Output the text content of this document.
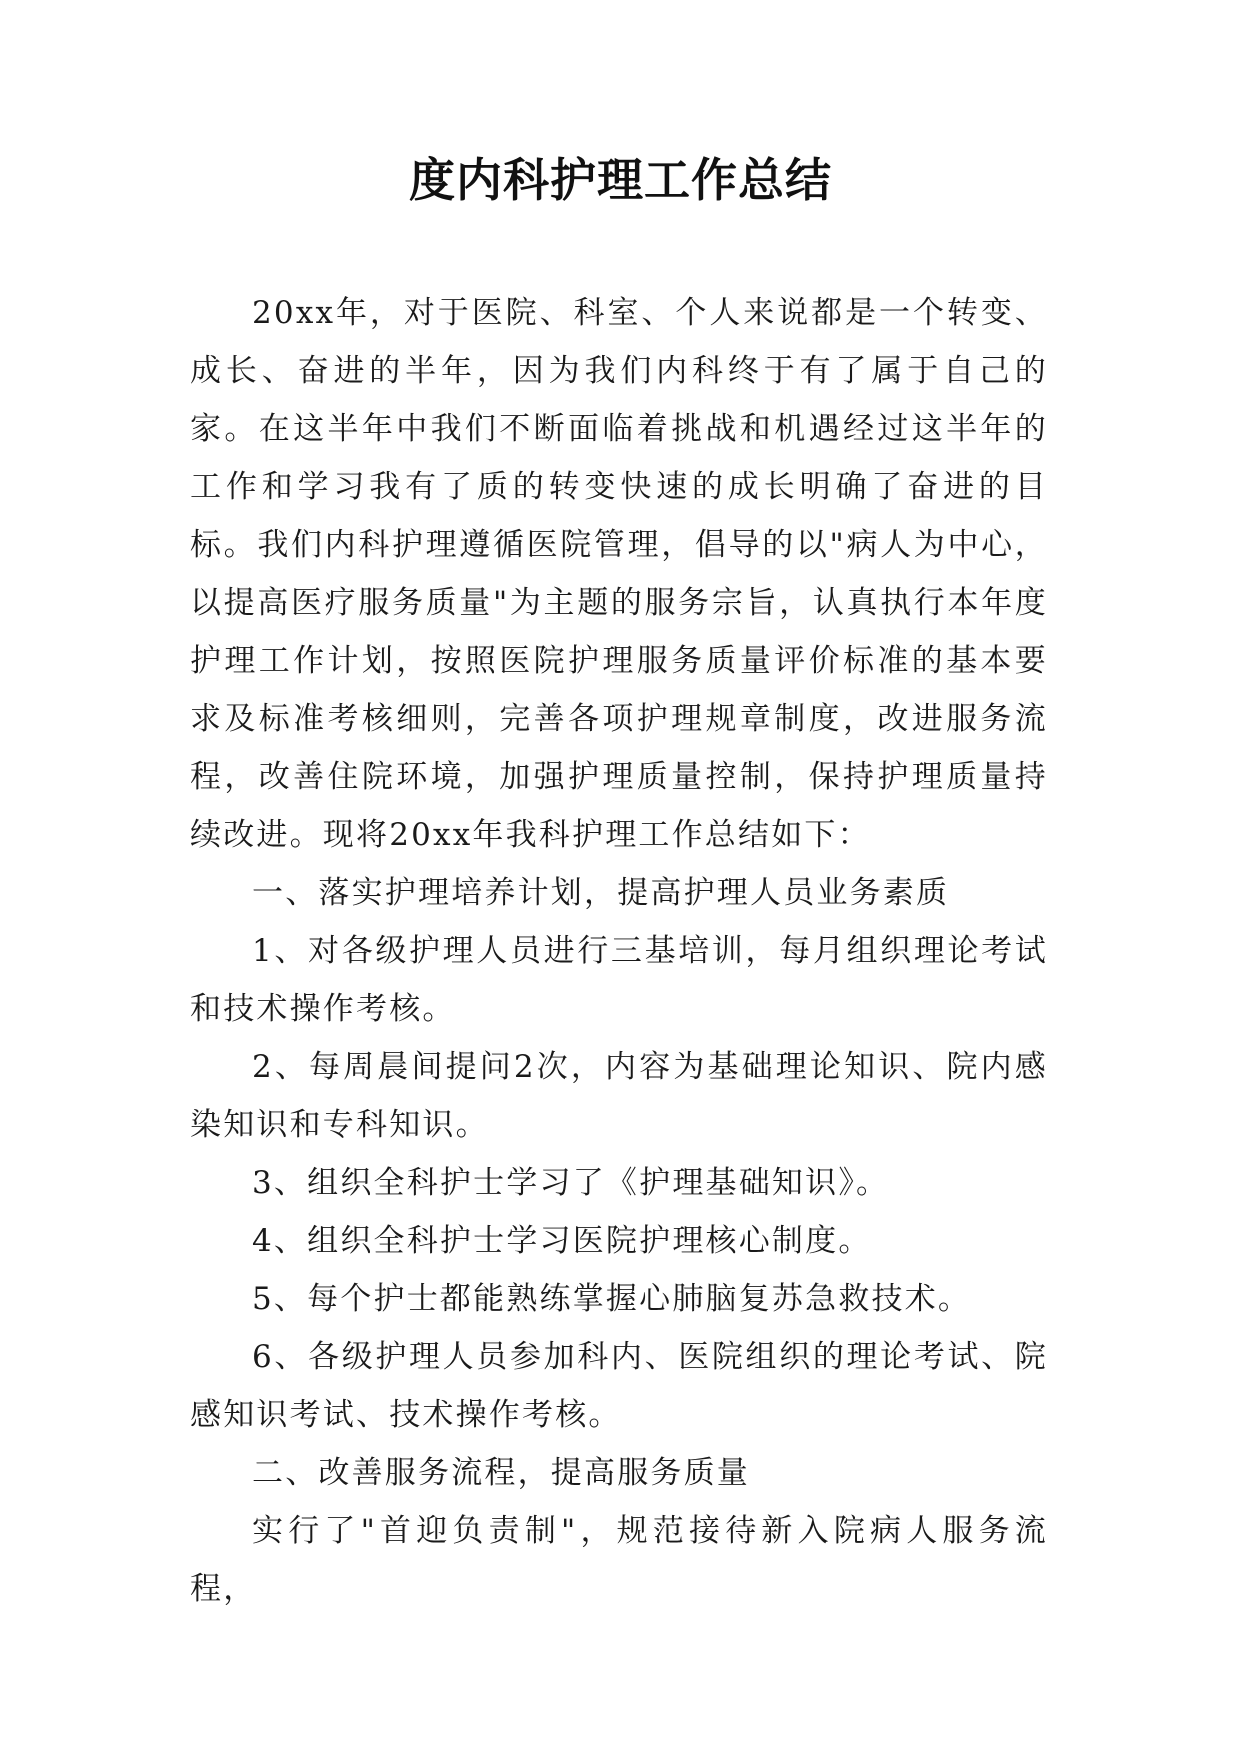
度内科护理工作总结

20xx年，对于医院、科室、个人来说都是一个转变、成长、奋进的半年，因为我们内科终于有了属于自己的家。在这半年中我们不断面临着挑战和机遇经过这半年的工作和学习我有了质的转变快速的成长明确了奋进的目标。我们内科护理遵循医院管理，倡导的以"病人为中心，以提高医疗服务质量"为主题的服务宗旨，认真执行本年度护理工作计划，按照医院护理服务质量评价标准的基本要求及标准考核细则，完善各项护理规章制度，改进服务流程，改善住院环境，加强护理质量控制，保持护理质量持续改进。现将20xx年我科护理工作总结如下：

一、落实护理培养计划，提高护理人员业务素质

1、对各级护理人员进行三基培训，每月组织理论考试和技术操作考核。

2、每周晨间提问2次，内容为基础理论知识、院内感染知识和专科知识。

3、组织全科护士学习了《护理基础知识》。

4、组织全科护士学习医院护理核心制度。

5、每个护士都能熟练掌握心肺脑复苏急救技术。

6、各级护理人员参加科内、医院组织的理论考试、院感知识考试、技术操作考核。

二、改善服务流程，提高服务质量

实行了"首迎负责制"，规范接待新入院病人服务流程，
